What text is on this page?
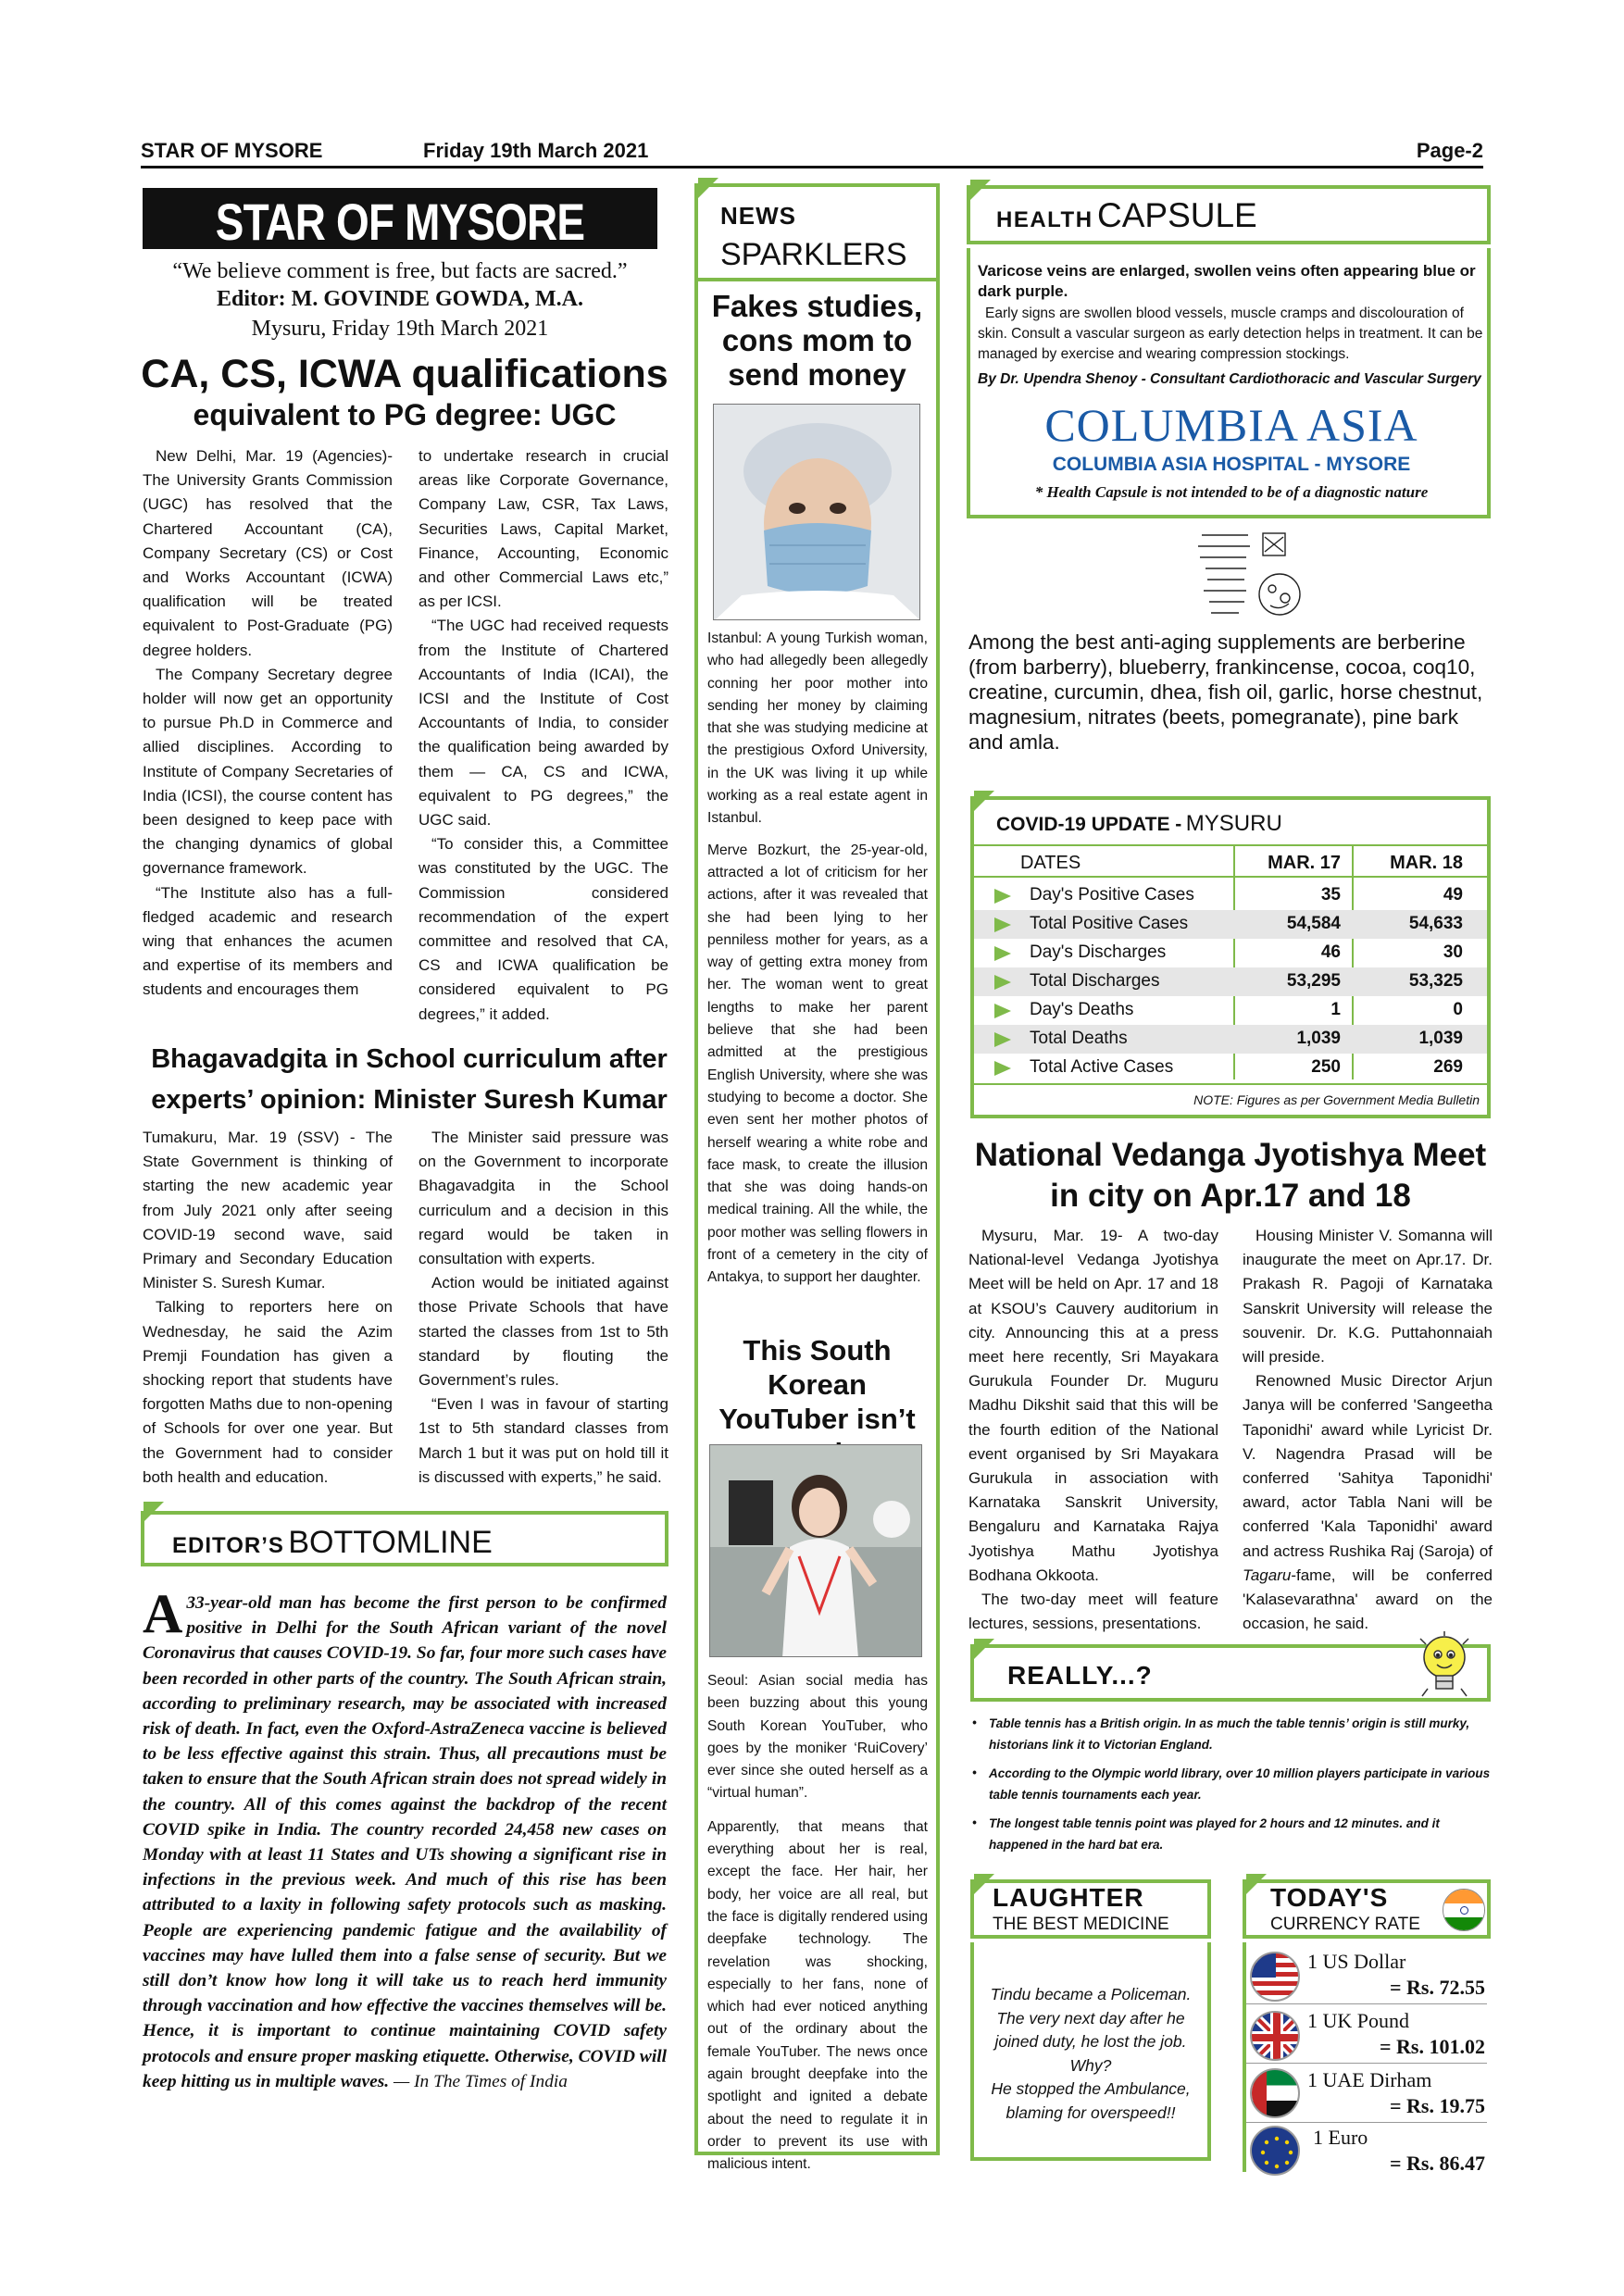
STAR OF MYSORE	Friday 19th March 2021	Page-2
STAR OF MYSORE
“We believe comment is free, but facts are sacred.”
Editor: M. GOVINDE GOWDA, M.A.
Mysuru, Friday 19th March 2021
CA, CS, ICWA qualifications
equivalent to PG degree: UGC

New Delhi, Mar. 19 (Agencies)- The University Grants Commission (UGC) has resolved that the Chartered Accountant (CA), Company Secretary (CS) or Cost and Works Accountant (ICWA) qualification will be treated equivalent to Post-Graduate (PG) degree holders.

The Company Secretary degree holder will now get an opportunity to pursue Ph.D in Commerce and allied disciplines. According to Institute of Company Secretaries of India (ICSI), the course content has been designed to keep pace with the changing dynamics of global governance framework.

“The Institute also has a full-fledged academic and research wing that enhances the acumen and expertise of its members and students and encourages them

to undertake research in crucial areas like Corporate Governance, Company Law, CSR, Tax Laws, Securities Laws, Capital Market, Finance, Accounting, Economic and other Commercial Laws etc,” as per ICSI.

“The UGC had received requests from the Institute of Chartered Accountants of India (ICAI), the ICSI and the Institute of Cost Accountants of India, to consider the qualification being awarded by them — CA, CS and ICWA, equivalent to PG degrees,” the UGC said.

“To consider this, a Committee was constituted by the UGC. The Commission considered recommendation of the expert committee and resolved that CA, CS and ICWA qualification be considered equivalent to PG degrees,” it added.

Bhagavadgita in School curriculum after
experts’ opinion: Minister Suresh Kumar

Tumakuru, Mar. 19 (SSV) - The State Government is thinking of starting the new academic year from July 2021 only after seeing COVID-19 second wave, said Primary and Secondary Education Minister S. Suresh Kumar.

Talking to reporters here on Wednesday, he said the Azim Premji Foundation has given a shocking report that students have forgotten Maths due to non-opening of Schools for over one year. But the Government had to consider both health and education.

The Minister said pressure was on the Government to incorporate Bhagavadgita in the School curriculum and a decision in this regard would be taken in consultation with experts.

Action would be initiated against those Private Schools that have started the classes from 1st to 5th standard by flouting the Government’s rules.

“Even I was in favour of starting 1st to 5th standard classes from March 1 but it was put on hold till it is discussed with experts,” he said.

EDITOR’S BOTTOMLINE
A 33-year-old man has become the first person to be confirmed positive in Delhi for the South African variant of the novel Coronavirus that causes COVID-19. So far, four more such cases have been recorded in other parts of the country. The South African strain, according to preliminary research, may be associated with increased risk of death. In fact, even the Oxford-AstraZeneca vaccine is believed to be less effective against this strain. Thus, all precautions must be taken to ensure that the South African strain does not spread widely in the country. All of this comes against the backdrop of the recent COVID spike in India. The country recorded 24,458 new cases on Monday with at least 11 States and UTs showing a significant rise in infections in the previous week. And much of this rise has been attributed to a laxity in following safety protocols such as masking. People are experiencing pandemic fatigue and the availability of vaccines may have lulled them into a false sense of security. But we still don’t know how long it will take us to reach herd immunity through vaccination and how effective the vaccines themselves will be. Hence, it is important to continue maintaining COVID safety protocols and ensure proper masking etiquette. Otherwise, COVID will keep hitting us in multiple waves. — In The Times of India
NEWS
SPARKLERS
Fakes studies, cons mom to send money

Istanbul: A young Turkish woman, who had allegedly been allegedly conning her poor mother into sending her money by claiming that she was studying medicine at the prestigious Oxford University, in the UK was living it up while working as a real estate agent in Istanbul.

Merve Bozkurt, the 25-year-old, attracted a lot of criticism for her actions, after it was revealed that she had been lying to her penniless mother for years, as a way of getting extra money from her. The woman went to great lengths to make her parent believe that she had been admitted at the prestigious English University, where she was studying to become a doctor. She even sent her mother photos of herself wearing a white robe and face mask, to create the illusion that she was doing hands-on medical training. All the while, the poor mother was selling flowers in front of a cemetery in the city of Antakya, to support her daughter.

This South Korean YouTuber isn’t

Seoul: Asian social media has been buzzing about this young South Korean YouTuber, who goes by the moniker ‘RuiCovery’ ever since she outed herself as a “virtual human”.

Apparently, that means that everything about her is real, except the face. Her hair, her body, her voice are all real, but the face is digitally rendered using deepfake technology. The revelation was shocking, especially to her fans, none of which had ever noticed anything out of the ordinary about the female YouTuber. The news once again brought deepfake into the spotlight and ignited a debate about the need to regulate it in order to prevent its use with malicious intent.

HEALTH CAPSULE
Varicose veins are enlarged, swollen veins often appearing blue or dark purple.
Early signs are swollen blood vessels, muscle cramps and discolouration of skin. Consult a vascular surgeon as early detection helps in treatment. It can be managed by exercise and wearing compression stockings.
By Dr. Upendra Shenoy - Consultant Cardiothoracic and Vascular Surgery
COLUMBIA ASIA
COLUMBIA ASIA HOSPITAL - MYSORE
* Health Capsule is not intended to be of a diagnostic nature
Among the best anti-aging supplements are berberine (from barberry), blueberry, frankincense, cocoa, coq10, creatine, curcumin, dhea, fish oil, garlic, horse chestnut, magnesium, nitrates (beets, pomegranate), pine bark and amla.
COVID-19 UPDATE - MYSURU
DATES	MAR. 17	MAR. 18
Day's Positive Cases	35	49
Total Positive Cases	54,584	54,633
Day's Discharges	46	30
Total Discharges	53,295	53,325
Day's Deaths	1	0
Total Deaths	1,039	1,039
Total Active Cases	250	269
NOTE: Figures as per Government Media Bulletin
National Vedanga Jyotishya Meet
in city on Apr.17 and 18

Mysuru, Mar. 19- A two-day National-level Vedanga Jyotishya Meet will be held on Apr. 17 and 18 at KSOU’s Cauvery auditorium in city. Announcing this at a press meet here recently, Sri Mayakara Gurukula Founder Dr. Muguru Madhu Dikshit said that this will be the fourth edition of the National event organised by Sri Mayakara Gurukula in association with Karnataka Sanskrit University, Bengaluru and Karnataka Rajya Jyotishya Mathu Jyotishya Bodhana Okkoota.

The two-day meet will feature lectures, sessions, presentations.

Housing Minister V. Somanna will inaugurate the meet on Apr.17. Dr. Prakash R. Pagoji of Karnataka Sanskrit University will release the souvenir. Dr. K.G. Puttahonnaiah will preside.

Renowned Music Director Arjun Janya will be conferred 'Sangeetha Taponidhi' award while Lyricist Dr. V. Nagendra Prasad will be conferred 'Sahitya Taponidhi' award, actor Tabla Nani will be conferred 'Kala Taponidhi' award and actress Rushika Raj (Saroja) of Tagaru-fame, will be conferred 'Kalasevarathna' award on the occasion, he said.

REALLY...?
• Table tennis has a British origin. In as much the table tennis’ origin is still murky, historians link it to Victorian England.
• According to the Olympic world library, over 10 million players participate in various table tennis tournaments each year.
• The longest table tennis point was played for 2 hours and 12 minutes. and it happened in the hard bat era.
LAUGHTER
THE BEST MEDICINE
Tindu became a Policeman.
The very next day after he
joined duty, he lost the job.
Why?
He stopped the Ambulance,
blaming for overspeed!!
TODAY'S
CURRENCY RATE
1 US Dollar
= Rs. 72.55
1 UK Pound
= Rs. 101.02
1 UAE Dirham
= Rs. 19.75
1 Euro
= Rs. 86.47
